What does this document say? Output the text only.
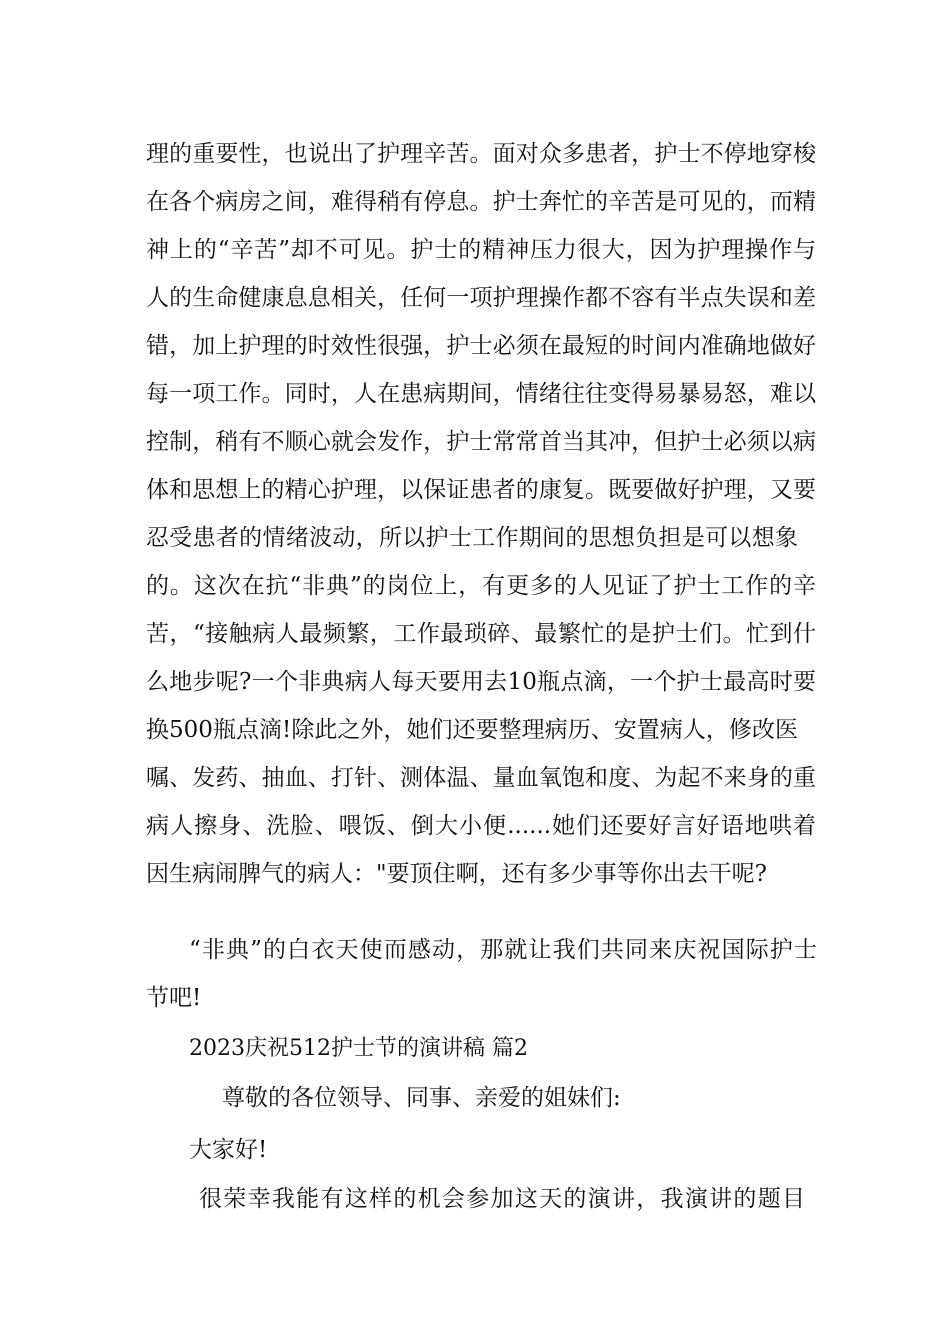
理的重要性，也说出了护理辛苦。面对众多患者，护士不停地穿梭
在各个病房之间，难得稍有停息。护士奔忙的辛苦是可见的，而精
神上的“辛苦”却不可见。护士的精神压力很大，因为护理操作与
人的生命健康息息相关，任何一项护理操作都不容有半点失误和差
错，加上护理的时效性很强，护士必须在最短的时间内准确地做好
每一项工作。同时，人在患病期间，情绪往往变得易暴易怒，难以
控制，稍有不顺心就会发作，护士常常首当其冲，但护士必须以病
体和思想上的精心护理，以保证患者的康复。既要做好护理，又要
忍受患者的情绪波动，所以护士工作期间的思想负担是可以想象
的。这次在抗“非典”的岗位上，有更多的人见证了护士工作的辛
苦，“接触病人最频繁，工作最琐碎、最繁忙的是护士们。忙到什
么地步呢?一个非典病人每天要用去10瓶点滴，一个护士最高时要
换500瓶点滴!除此之外，她们还要整理病历、安置病人，修改医
嘱、发药、抽血、打针、测体温、量血氧饱和度、为起不来身的重
病人擦身、洗脸、喂饭、倒大小便......她们还要好言好语地哄着
因生病闹脾气的病人："要顶住啊，还有多少事等你出去干呢?
“非典”的白衣天使而感动，那就让我们共同来庆祝国际护士
节吧!
2023庆祝512护士节的演讲稿 篇2
尊敬的各位领导、同事、亲爱的姐妹们:
大家好!
很荣幸我能有这样的机会参加这天的演讲，我演讲的题目
